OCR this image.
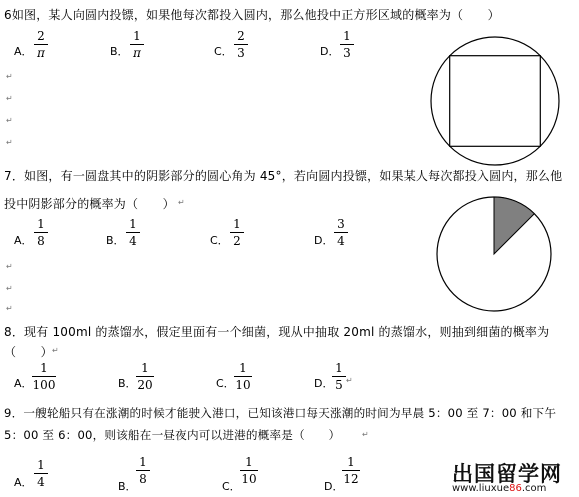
6如图，某人向圆内投镖，如果他每次都投入圆内，那么他投中正方形区域的概率为（　　）
A．
2
π	B．
1
π	C．
2
3	D．
1
3
↵
↵
↵
↵
7．如图，有一圆盘其中的阴影部分的圆心角为 45°，若向圆内投镖，如果某人每次都投入圆内，那么他
投中阴影部分的概率为（　　） ↵
A．
1
8	B．
1
4	C．
1
2	D．
3
4
↵
↵
↵
8．现有 100ml 的蒸馏水，假定里面有一个细菌，现从中抽取 20ml 的蒸馏水，则抽到细菌的概率为
（　　） ↵
A．
1
100	B．
1
20	C．
1
10	D．
1
5 ↵
9．一艘轮船只有在涨潮的时候才能驶入港口，已知该港口每天涨潮的时间为早晨 5：00 至 7：00 和下午
5：00 至 6：00，则该船在一昼夜内可以进港的概率是（　　）	↵
A．
1
4	B．
1
8
C．
1
10
D．
1
12	出国留学网
www.liuxue86.com
